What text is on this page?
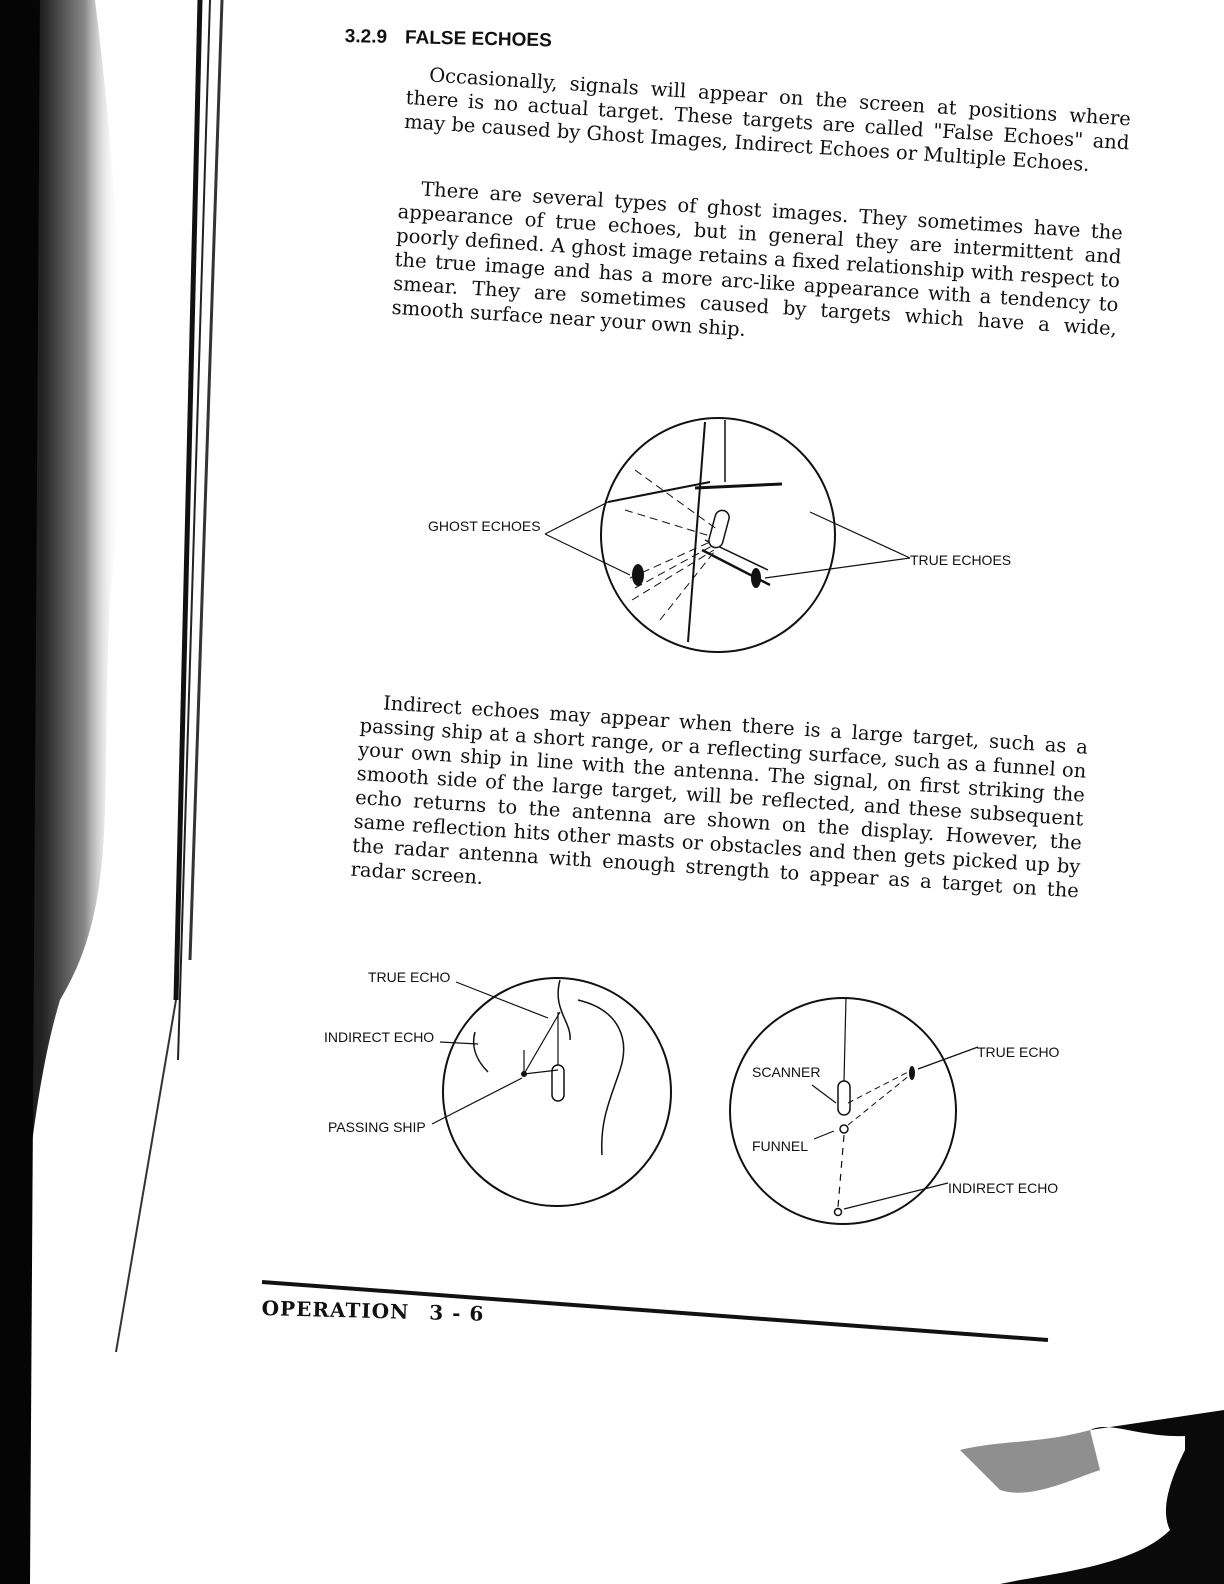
3.2.9 FALSE ECHOES

Occasionally, signals will appear on the screen at positions where there is no actual target. These targets are called "False Echoes" and may be caused by Ghost Images, Indirect Echoes or Multiple Echoes.

There are several types of ghost images. They sometimes have the appearance of true echoes, but in general they are intermittent and poorly defined. A ghost image retains a fixed relationship with respect to the true image and has a more arc-like appearance with a tendency to smear. They are sometimes caused by targets which have a wide, smooth surface near your own ship.

GHOST ECHOES
TRUE ECHOES

Indirect echoes may appear when there is a large target, such as a passing ship at a short range, or a reflecting surface, such as a funnel on your own ship in line with the antenna. The signal, on first striking the smooth side of the large target, will be reflected, and these subsequent echo returns to the antenna are shown on the display. However, the same reflection hits other masts or obstacles and then gets picked up by the radar antenna with enough strength to appear as a target on the radar screen.

TRUE ECHO
INDIRECT ECHO
PASSING SHIP
SCANNER
FUNNEL
TRUE ECHO
INDIRECT ECHO
OPERATION 3 - 6
